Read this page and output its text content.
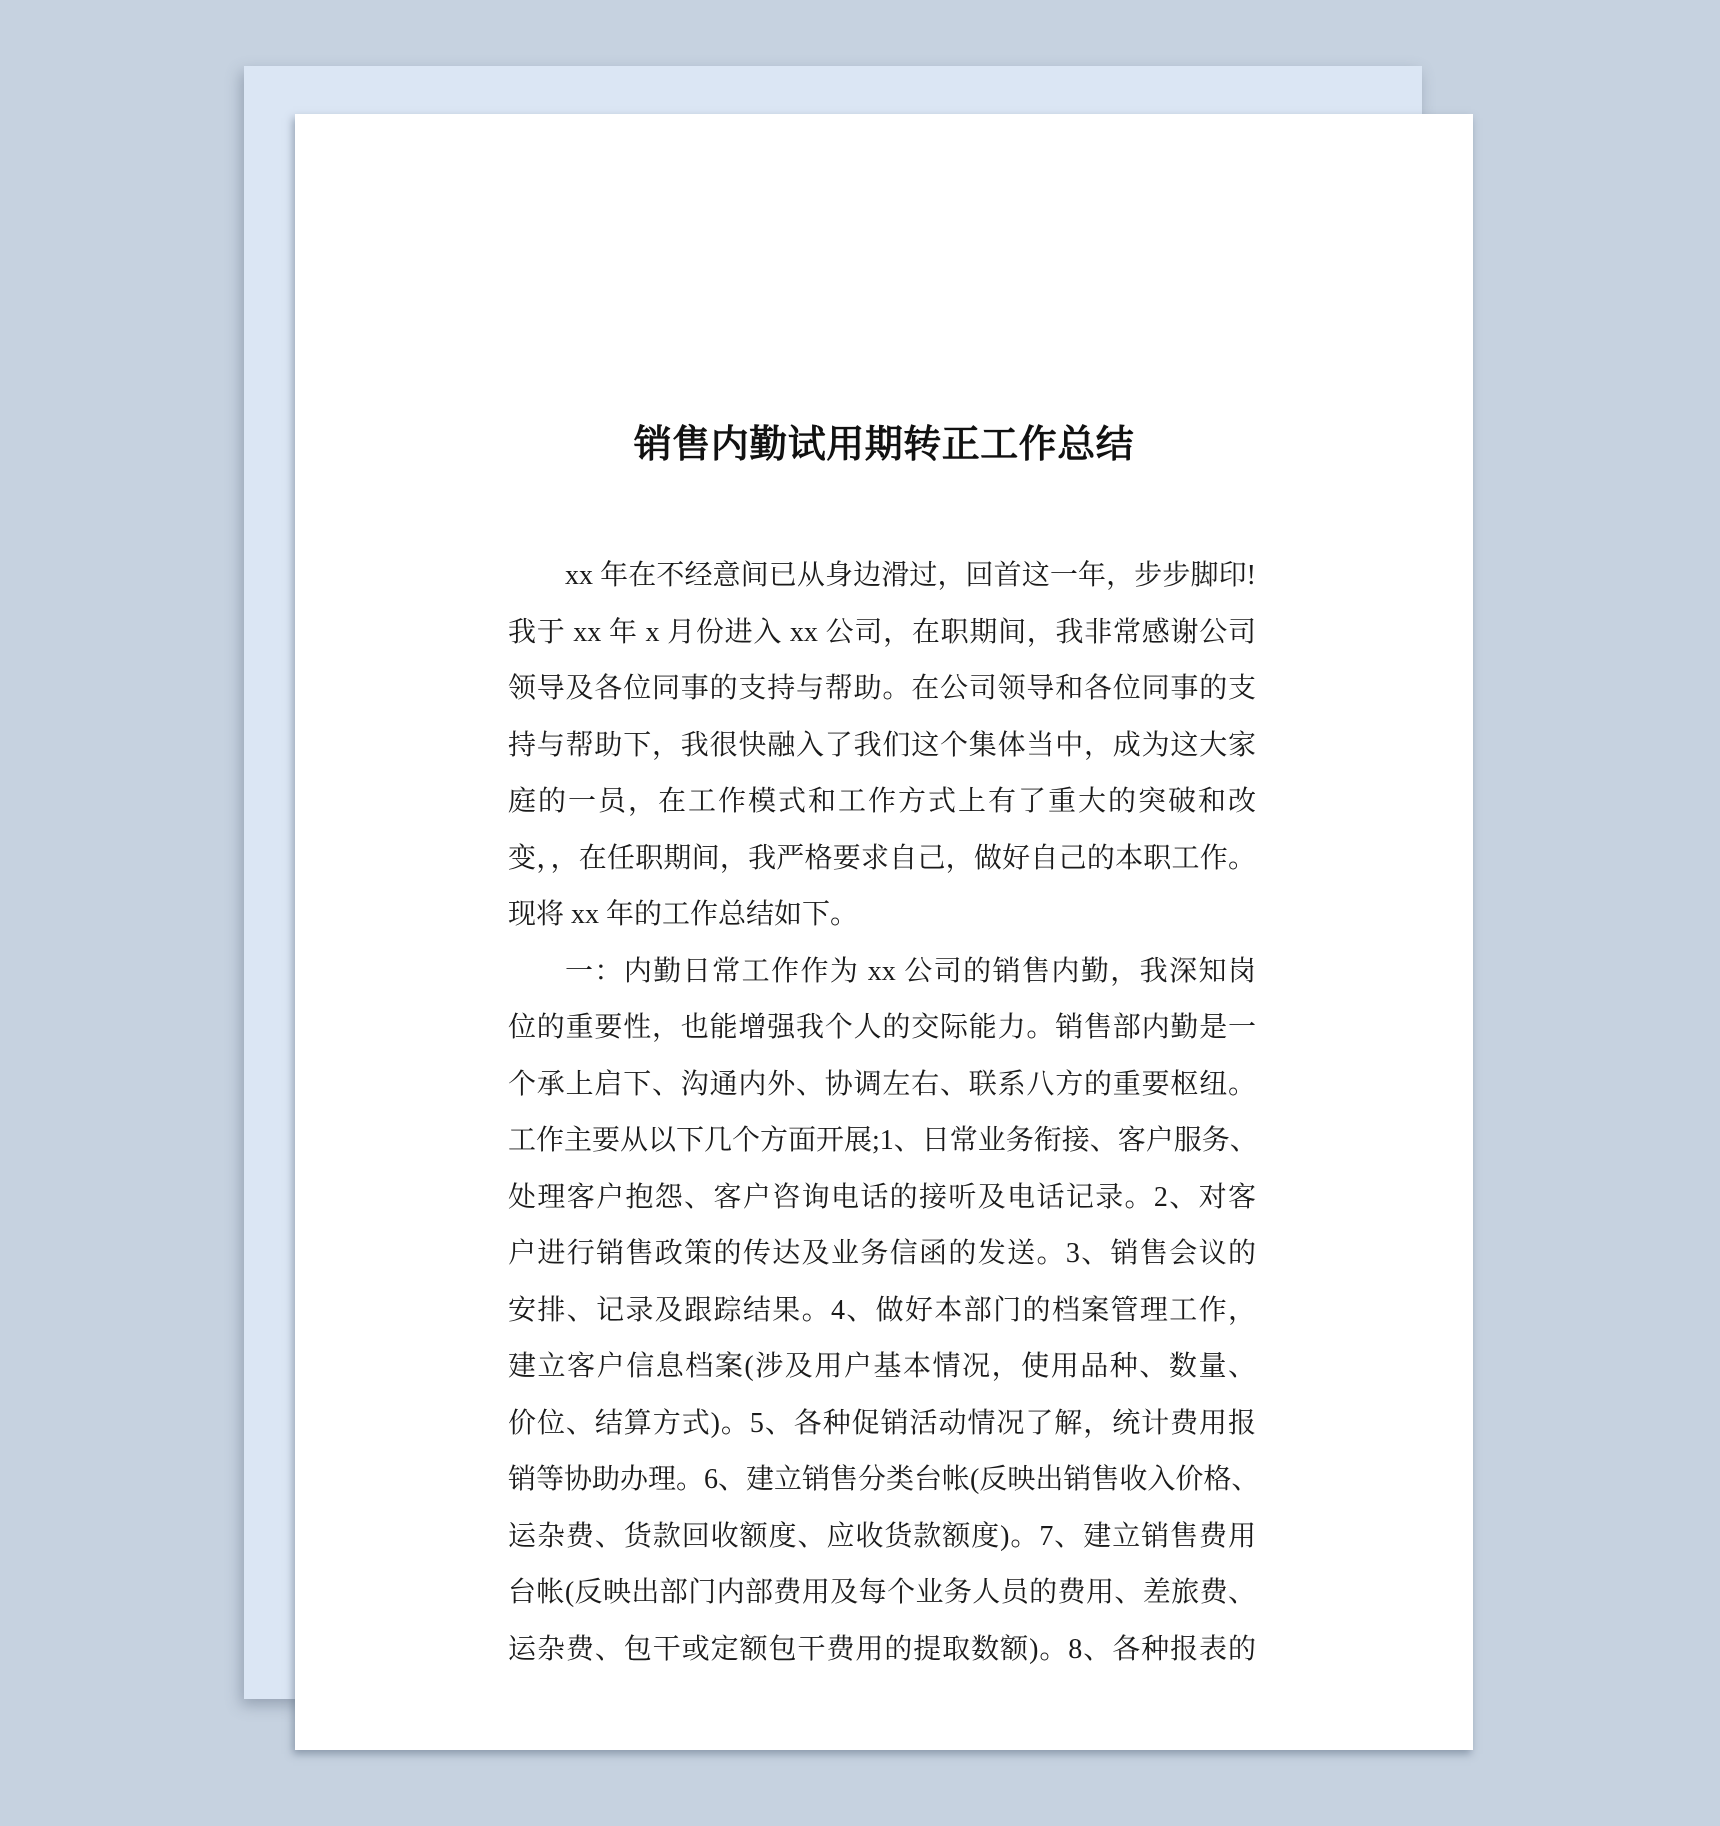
销售内勤试用期转正工作总结
xx 年在不经意间已从身边滑过，回首这一年，步步脚印!
我于 xx 年 x 月份进入 xx 公司，在职期间，我非常感谢公司
领导及各位同事的支持与帮助。在公司领导和各位同事的支
持与帮助下，我很快融入了我们这个集体当中，成为这大家
庭的一员，在工作模式和工作方式上有了重大的突破和改
变，，在任职期间，我严格要求自己，做好自己的本职工作。
现将 xx 年的工作总结如下。
一：内勤日常工作作为 xx 公司的销售内勤，我深知岗
位的重要性，也能增强我个人的交际能力。销售部内勤是一
个承上启下、沟通内外、协调左右、联系八方的重要枢纽。
工作主要从以下几个方面开展;1、日常业务衔接、客户服务、
处理客户抱怨、客户咨询电话的接听及电话记录。2、对客
户进行销售政策的传达及业务信函的发送。3、销售会议的
安排、记录及跟踪结果。4、做好本部门的档案管理工作，
建立客户信息档案(涉及用户基本情况，使用品种、数量、
价位、结算方式)。5、各种促销活动情况了解，统计费用报
销等协助办理。6、建立销售分类台帐(反映出销售收入价格、
运杂费、货款回收额度、应收货款额度)。7、建立销售费用
台帐(反映出部门内部费用及每个业务人员的费用、差旅费、
运杂费、包干或定额包干费用的提取数额)。8、各种报表的
